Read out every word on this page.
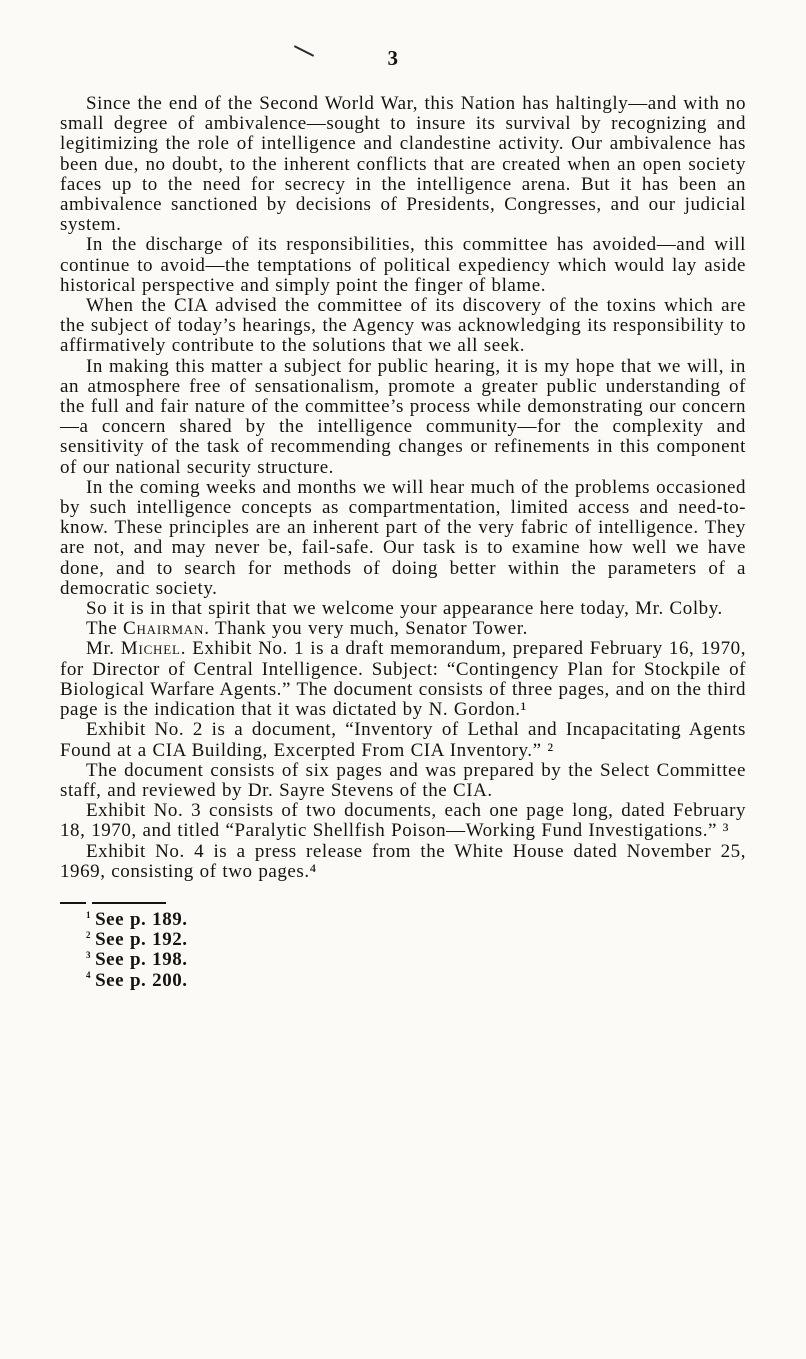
3

Since the end of the Second World War, this Nation has haltingly—and with no small degree of ambivalence—sought to insure its survival by recognizing and legitimizing the role of intelligence and clandestine activity. Our ambivalence has been due, no doubt, to the inherent conflicts that are created when an open society faces up to the need for secrecy in the intelligence arena. But it has been an ambivalence sanctioned by decisions of Presidents, Congresses, and our judicial system.

In the discharge of its responsibilities, this committee has avoided—and will continue to avoid—the temptations of political expediency which would lay aside historical perspective and simply point the finger of blame.

When the CIA advised the committee of its discovery of the toxins which are the subject of today’s hearings, the Agency was acknowledging its responsibility to affirmatively contribute to the solutions that we all seek.

In making this matter a subject for public hearing, it is my hope that we will, in an atmosphere free of sensationalism, promote a greater public understanding of the full and fair nature of the committee’s process while demonstrating our concern—a concern shared by the intelligence community—for the complexity and sensitivity of the task of recommending changes or refinements in this component of our national security structure.

In the coming weeks and months we will hear much of the problems occasioned by such intelligence concepts as compartmentation, limited access and need-to-know. These principles are an inherent part of the very fabric of intelligence. They are not, and may never be, fail-safe. Our task is to examine how well we have done, and to search for methods of doing better within the parameters of a democratic society.

So it is in that spirit that we welcome your appearance here today, Mr. Colby.

The Chairman. Thank you very much, Senator Tower.

Mr. Michel. Exhibit No. 1 is a draft memorandum, prepared February 16, 1970, for Director of Central Intelligence. Subject: “Contingency Plan for Stockpile of Biological Warfare Agents.” The document consists of three pages, and on the third page is the indication that it was dictated by N. Gordon.¹

Exhibit No. 2 is a document, “Inventory of Lethal and Incapacitating Agents Found at a CIA Building, Excerpted From CIA Inventory.” ²

The document consists of six pages and was prepared by the Select Committee staff, and reviewed by Dr. Sayre Stevens of the CIA.

Exhibit No. 3 consists of two documents, each one page long, dated February 18, 1970, and titled “Paralytic Shellfish Poison—Working Fund Investigations.” ³

Exhibit No. 4 is a press release from the White House dated November 25, 1969, consisting of two pages.⁴

$^1$ See p. 189.

$^2$ See p. 192.

$^3$ See p. 198.

$^4$ See p. 200.
